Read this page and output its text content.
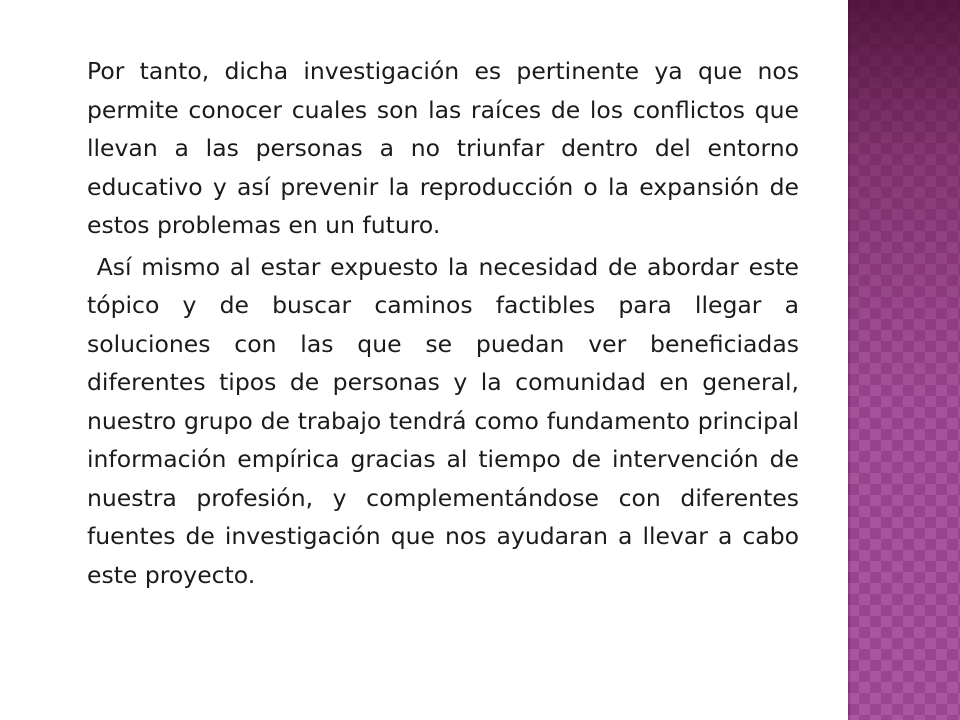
Por tanto, dicha investigación es pertinente ya que nos permite conocer cuales son las raíces de los conflictos que llevan a las personas a no triunfar dentro del entorno educativo y así prevenir la reproducción o la expansión de estos problemas en un futuro.

Así mismo al estar expuesto la necesidad de abordar este tópico y de buscar caminos factibles para llegar a soluciones con las que se puedan ver beneficiadas diferentes tipos de personas y la comunidad en general, nuestro grupo de trabajo tendrá como fundamento principal información empírica gracias al tiempo de intervención de nuestra profesión, y complementándose con diferentes fuentes de investigación que nos ayudaran a llevar a cabo este proyecto.
